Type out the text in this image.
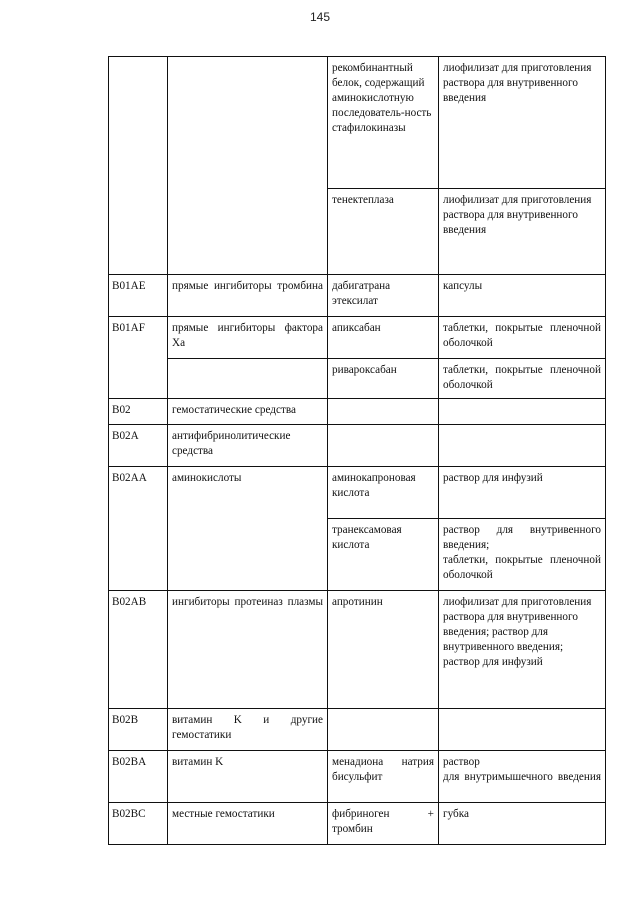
145
		рекомбинантный белок, содержащий аминокислотную последователь-ность стафилокиназы	лиофилизат для приготовления раствора для внутривенного введения
		тенектеплаза	лиофилизат для приготовления раствора для внутривенного введения
B01AE	прямые ингибиторы тромбина	дабигатрана этексилат	капсулы
B01AF	прямые ингибиторы фактора Ха	апиксабан	таблетки, покрытые пленочной оболочкой
		ривароксабан	таблетки, покрытые пленочной оболочкой
B02	гемостатические средства		
B02A	антифибринолитические средства		
B02AA	аминокислоты	аминокапроновая кислота	раствор для инфузий
		транексамовая кислота	раствор для внутривенного введения;
таблетки, покрытые пленочной оболочкой

B02AB	ингибиторы протеиназ плазмы	апротинин	лиофилизат для приготовления раствора для внутривенного введения; раствор для внутривенного введения; раствор для инфузий
B02B	витамин K и другие гемостатики		
B02BA	витамин K	менадиона натрия бисульфит	раствор
для внутримышечного введения

B02BC	местные гемостатики	фибриноген + тромбин	губка
